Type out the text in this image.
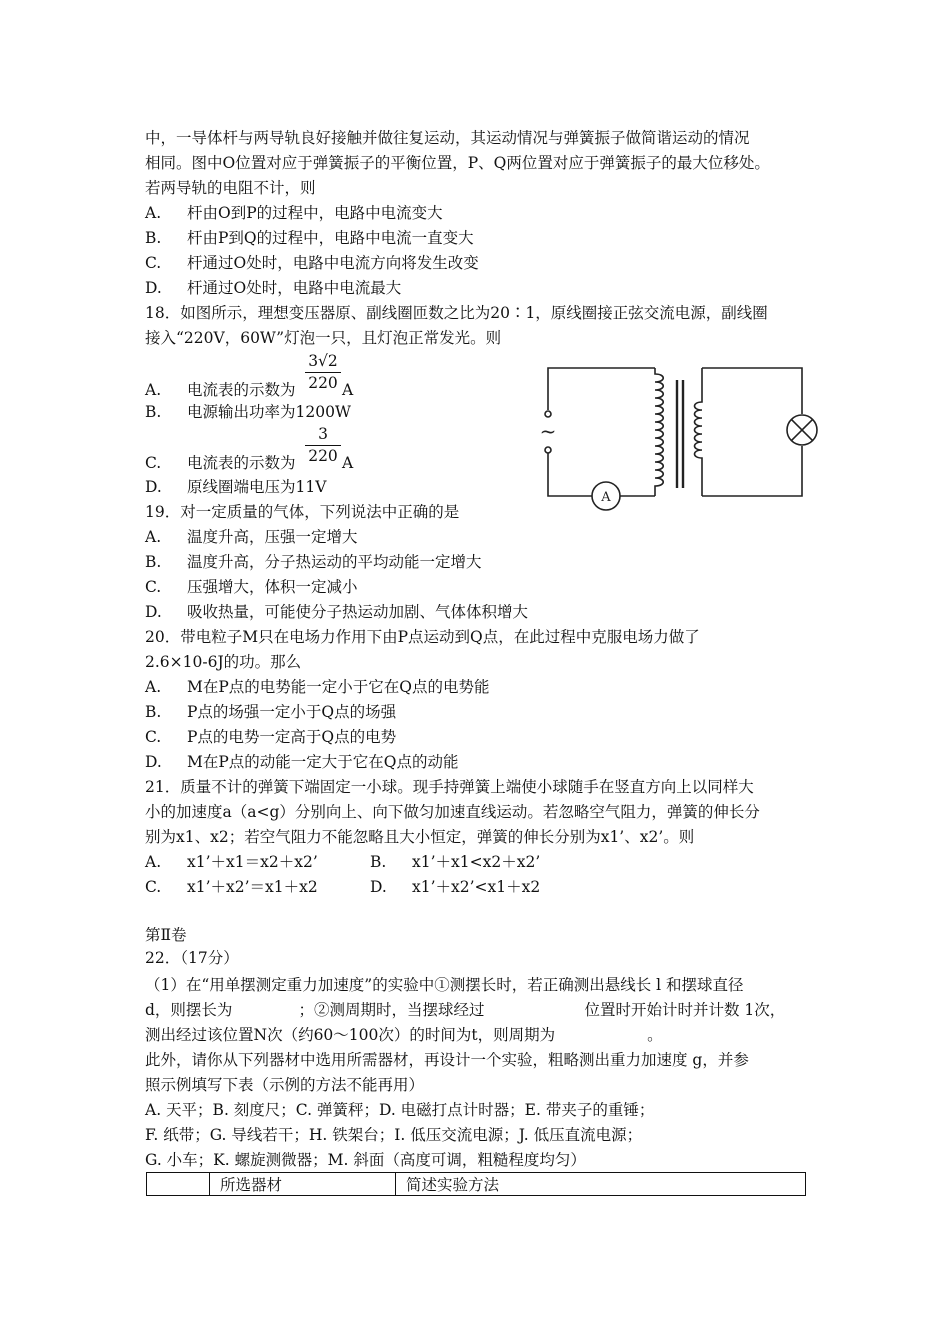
中，一导体杆与两导轨良好接触并做往复运动，其运动情况与弹簧振子做简谐运动的情况
相同。图中O位置对应于弹簧振子的平衡位置，P、Q两位置对应于弹簧振子的最大位移处。
若两导轨的电阻不计，则
A. 杆由O到P的过程中，电路中电流变大
B. 杆由P到Q的过程中，电路中电流一直变大
C. 杆通过O处时，电路中电流方向将发生改变
D. 杆通过O处时，电路中电流最大
18．如图所示，理想变压器原、副线圈匝数之比为20∶1，原线圈接正弦交流电源，副线圈
接入“220V，60W”灯泡一只，且灯泡正常发光。则
A. 电流表的示数为 $\frac{3√2}{220}$ A
B. 电源输出功率为1200W
C. 电流表的示数为 $\frac{3}{220}$ A
D. 原线圈端电压为11V
~
A
19．对一定质量的气体，下列说法中正确的是
A. 温度升高，压强一定增大
B. 温度升高，分子热运动的平均动能一定增大
C. 压强增大，体积一定减小
D. 吸收热量，可能使分子热运动加剧、气体体积增大
20．带电粒子M只在电场力作用下由P点运动到Q点，在此过程中克服电场力做了
2.6×10-6J的功。那么
A. M在P点的电势能一定小于它在Q点的电势能
B. P点的场强一定小于Q点的场强
C. P点的电势一定高于Q点的电势
D. M在P点的动能一定大于它在Q点的动能
21．质量不计的弹簧下端固定一小球。现手持弹簧上端使小球随手在竖直方向上以同样大
小的加速度a（a<g）分别向上、向下做匀加速直线运动。若忽略空气阻力，弹簧的伸长分
别为x1、x2；若空气阻力不能忽略且大小恒定，弹簧的伸长分别为x1’、x2’。则
A. x1’＋x1＝x2＋x2’	B. x1’＋x1<x2＋x2’
C. x1’＋x2’＝x1＋x2	D. x1’＋x2’<x1＋x2
第Ⅱ卷
22．（17分）
（1）在“用单摆测定重力加速度”的实验中①测摆长时，若正确测出悬线长 l 和摆球直径
d，则摆长为	；②测周期时，当摆球经过	位置时开始计时并计数 1次，
测出经过该位置N次（约60～100次）的时间为t，则周期为	。
此外，请你从下列器材中选用所需器材，再设计一个实验，粗略测出重力加速度 g，并参
照示例填写下表（示例的方法不能再用）
A. 天平；B. 刻度尺；C. 弹簧秤；D. 电磁打点计时器；E. 带夹子的重锤；
F. 纸带；G. 导线若干；H. 铁架台；I. 低压交流电源；J. 低压直流电源；
G. 小车；K. 螺旋测微器；M. 斜面（高度可调，粗糙程度均匀）
	所选器材	简述实验方法
